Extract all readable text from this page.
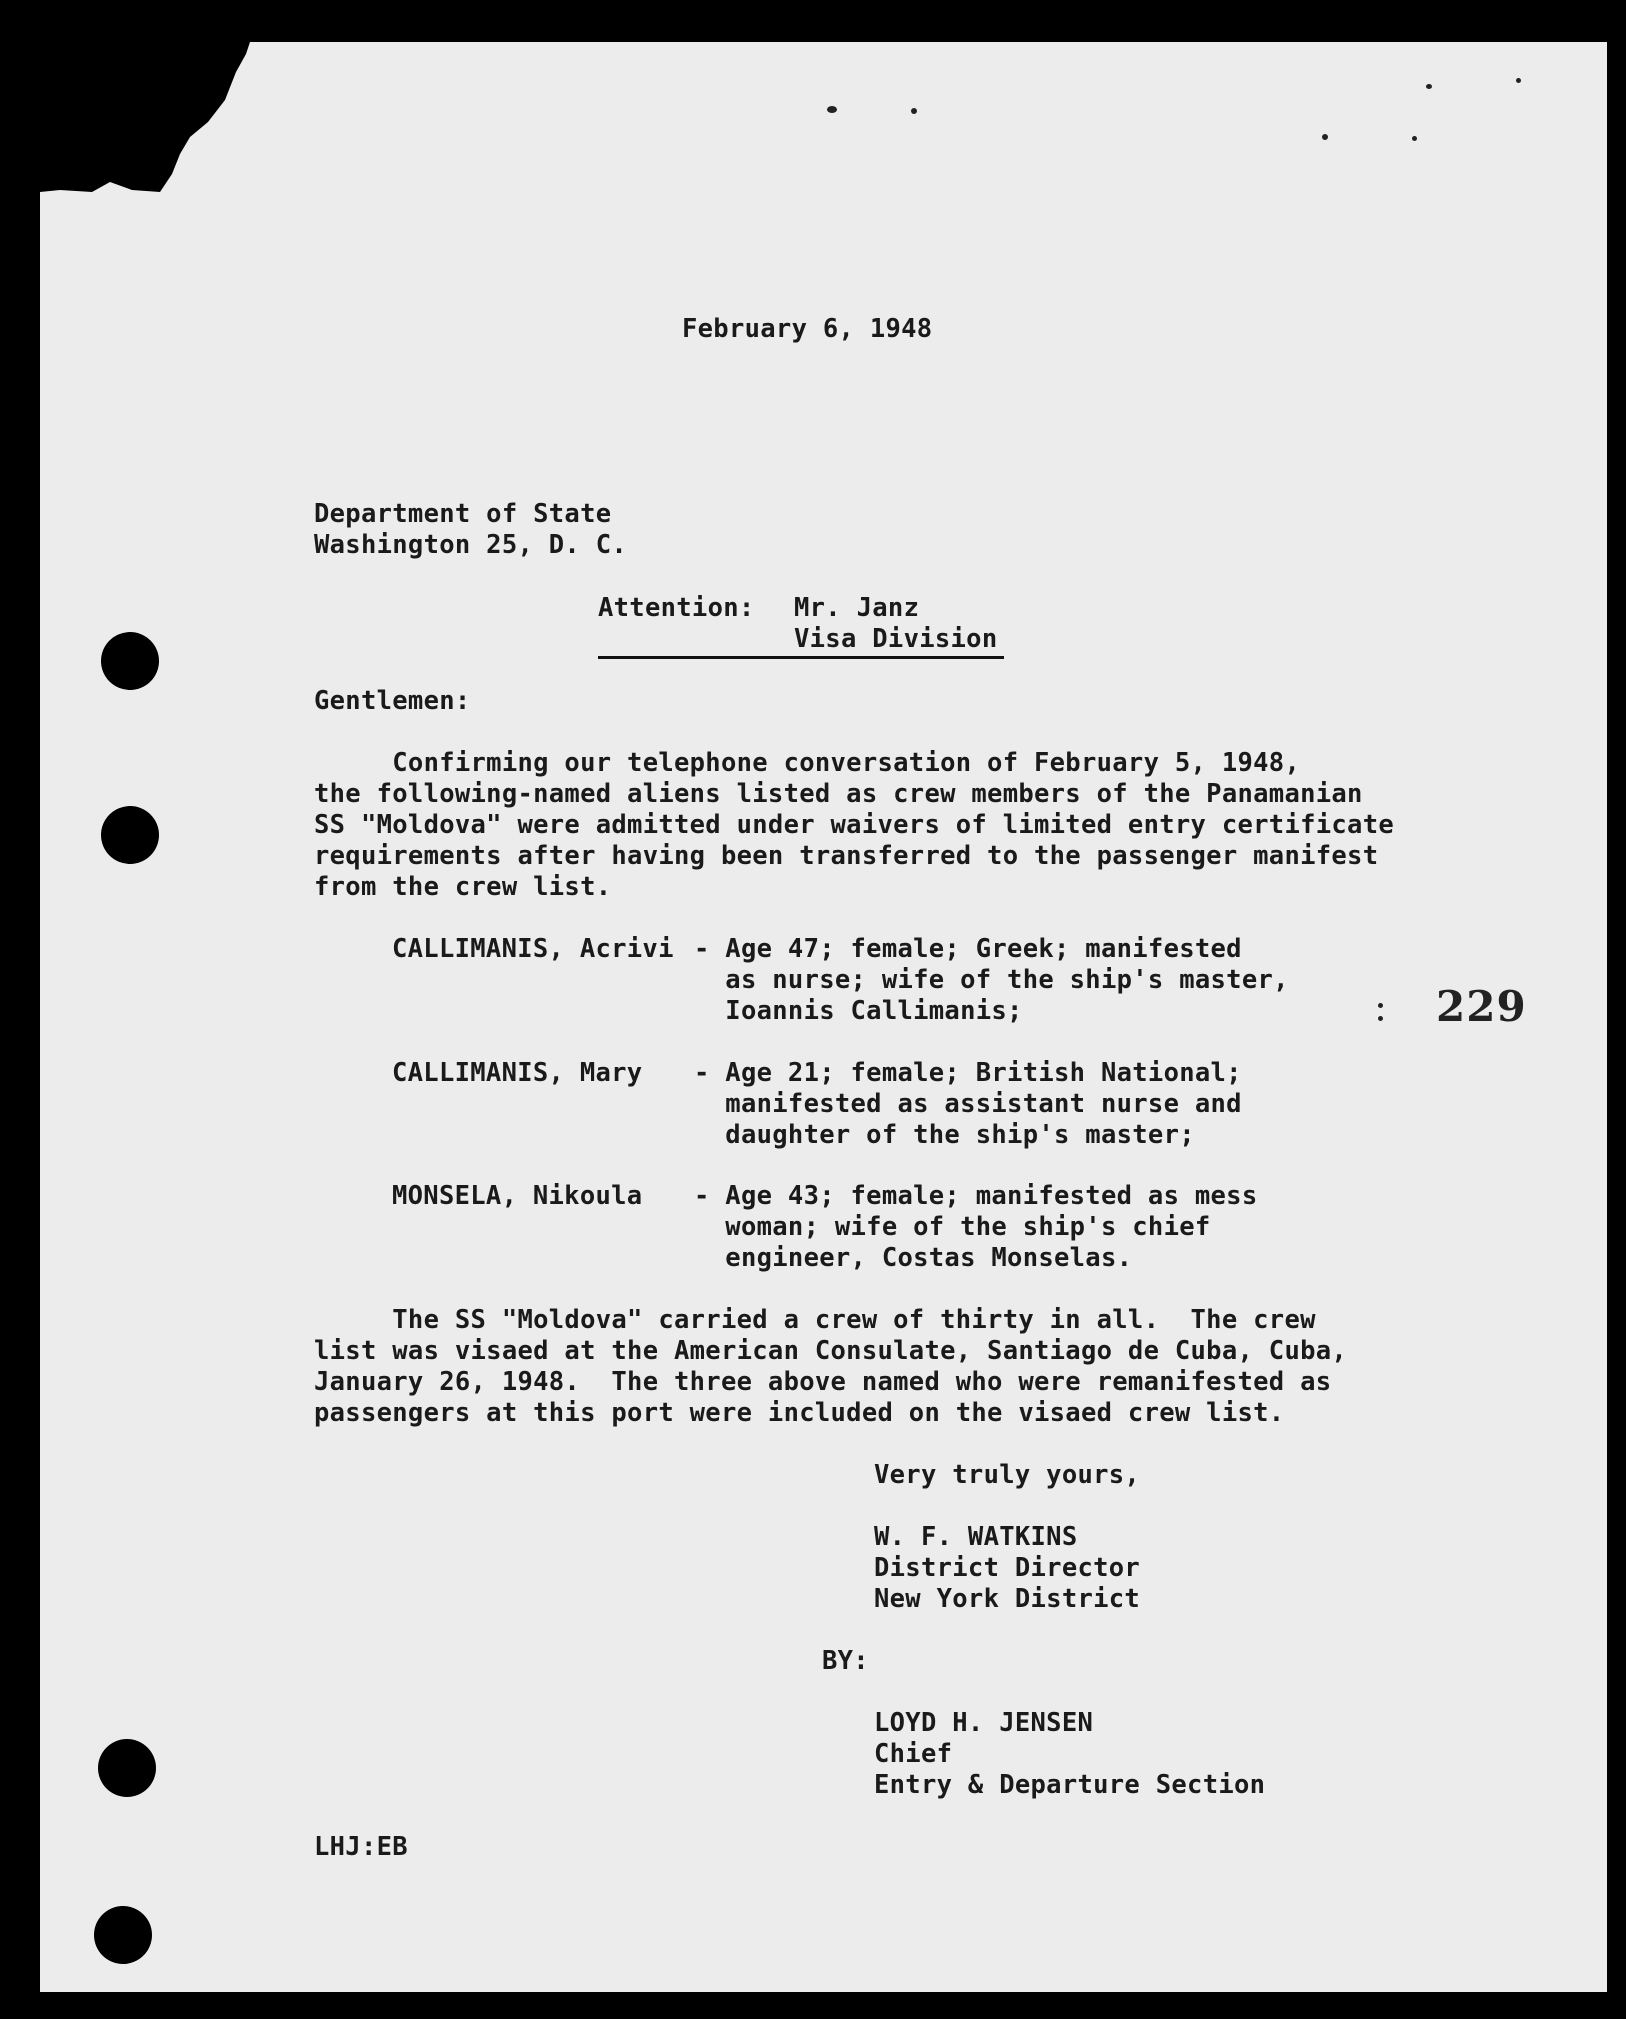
February 6, 1948
Department of State
Washington 25, D. C.
Attention: Mr. Janz
Visa Division
Gentlemen:
Confirming our telephone conversation of February 5, 1948,
the following-named aliens listed as crew members of the Panamanian
SS "Moldova" were admitted under waivers of limited entry certificate
requirements after having been transferred to the passenger manifest
from the crew list.
CALLIMANIS, Acrivi - Age 47; female; Greek; manifested
as nurse; wife of the ship's master,
Ioannis Callimanis;
CALLIMANIS, Mary - Age 21; female; British National;
manifested as assistant nurse and
daughter of the ship's master;
MONSELA, Nikoula - Age 43; female; manifested as mess
woman; wife of the ship's chief
engineer, Costas Monselas.
The SS "Moldova" carried a crew of thirty in all.  The crew
list was visaed at the American Consulate, Santiago de Cuba, Cuba,
January 26, 1948.  The three above named who were remanifested as
passengers at this port were included on the visaed crew list.
Very truly yours,
W. F. WATKINS
District Director
New York District
BY:
LOYD H. JENSEN
Chief
Entry & Departure Section
LHJ:EB
229
